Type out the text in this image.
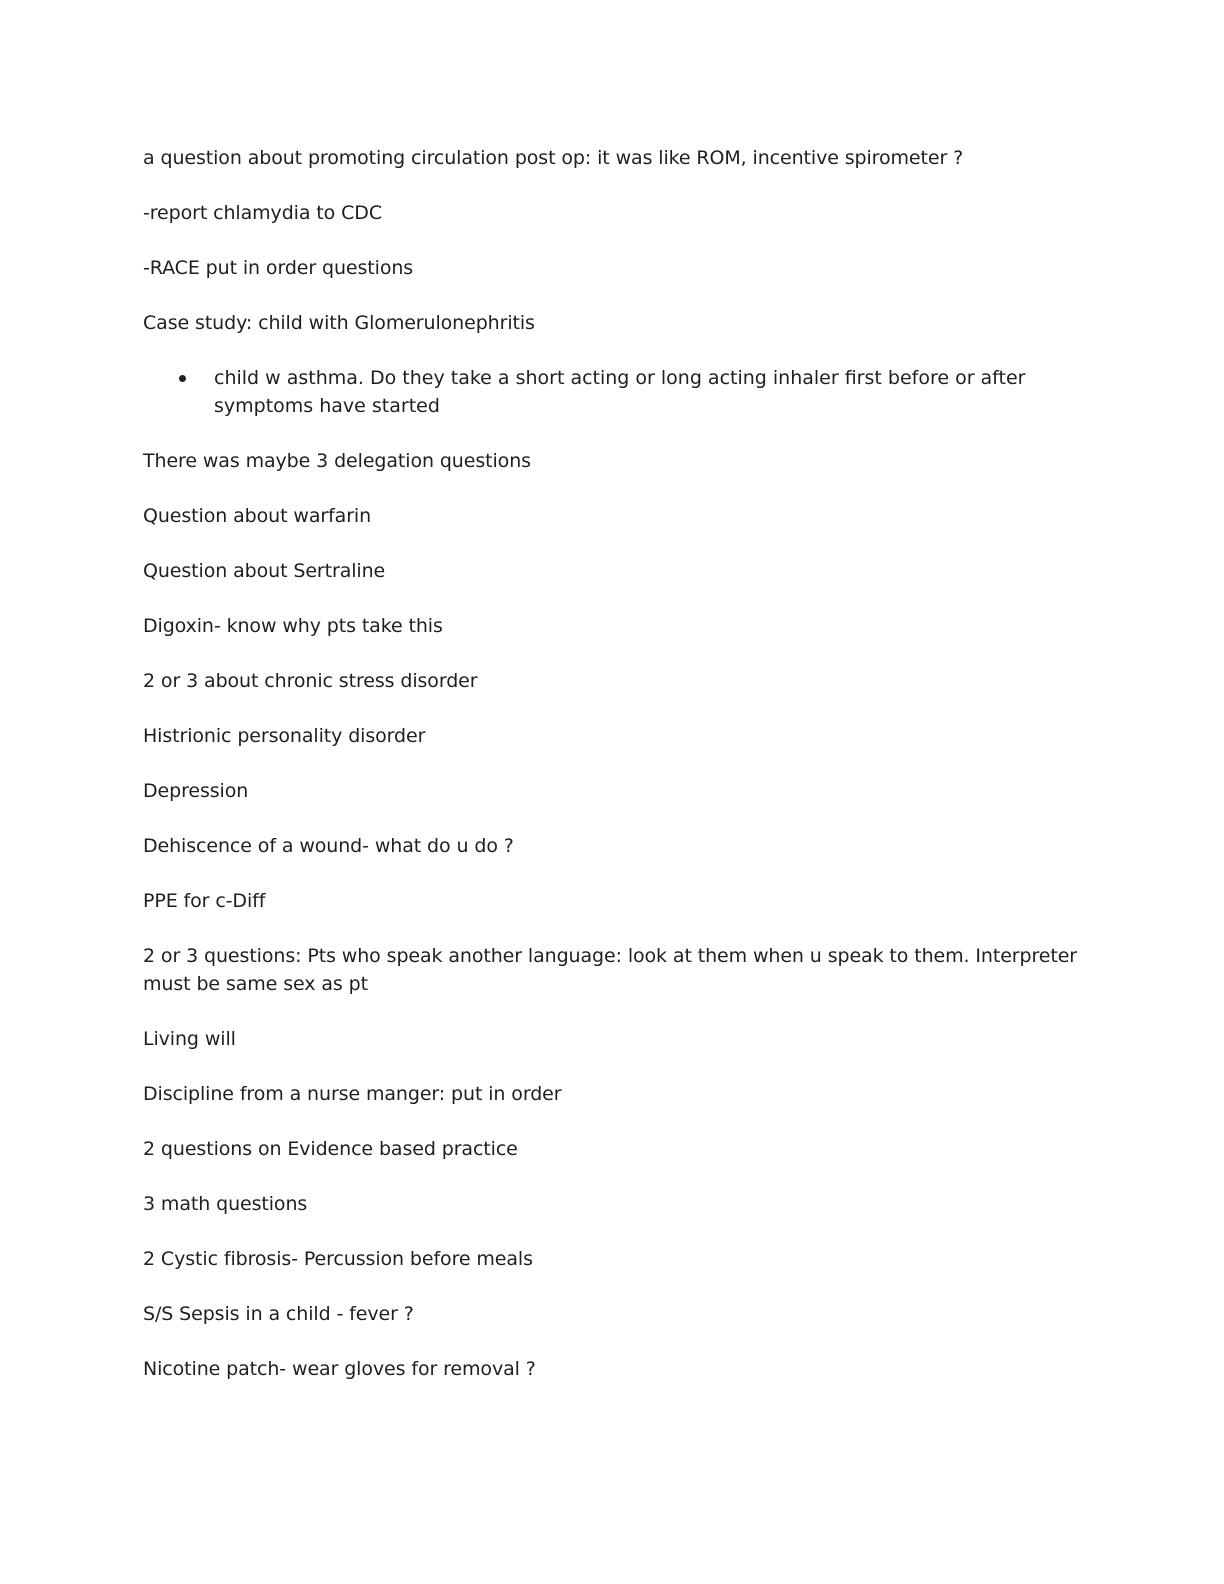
a question about promoting circulation post op: it was like ROM, incentive spirometer ?

-report chlamydia to CDC

-RACE put in order questions

Case study: child with Glomerulonephritis

child w asthma. Do they take a short acting or long acting inhaler first before or after symptoms have started

There was maybe 3 delegation questions

Question about warfarin

Question about Sertraline

Digoxin- know why pts take this

2 or 3 about chronic stress disorder

Histrionic personality disorder

Depression

Dehiscence of a wound- what do u do ?

PPE for c-Diff

2 or 3 questions: Pts who speak another language: look at them when u speak to them. Interpreter must be same sex as pt

Living will

Discipline from a nurse manger: put in order

2 questions on Evidence based practice

3 math questions

2 Cystic fibrosis- Percussion before meals

S/S Sepsis in a child - fever ?

Nicotine patch- wear gloves for removal ?
